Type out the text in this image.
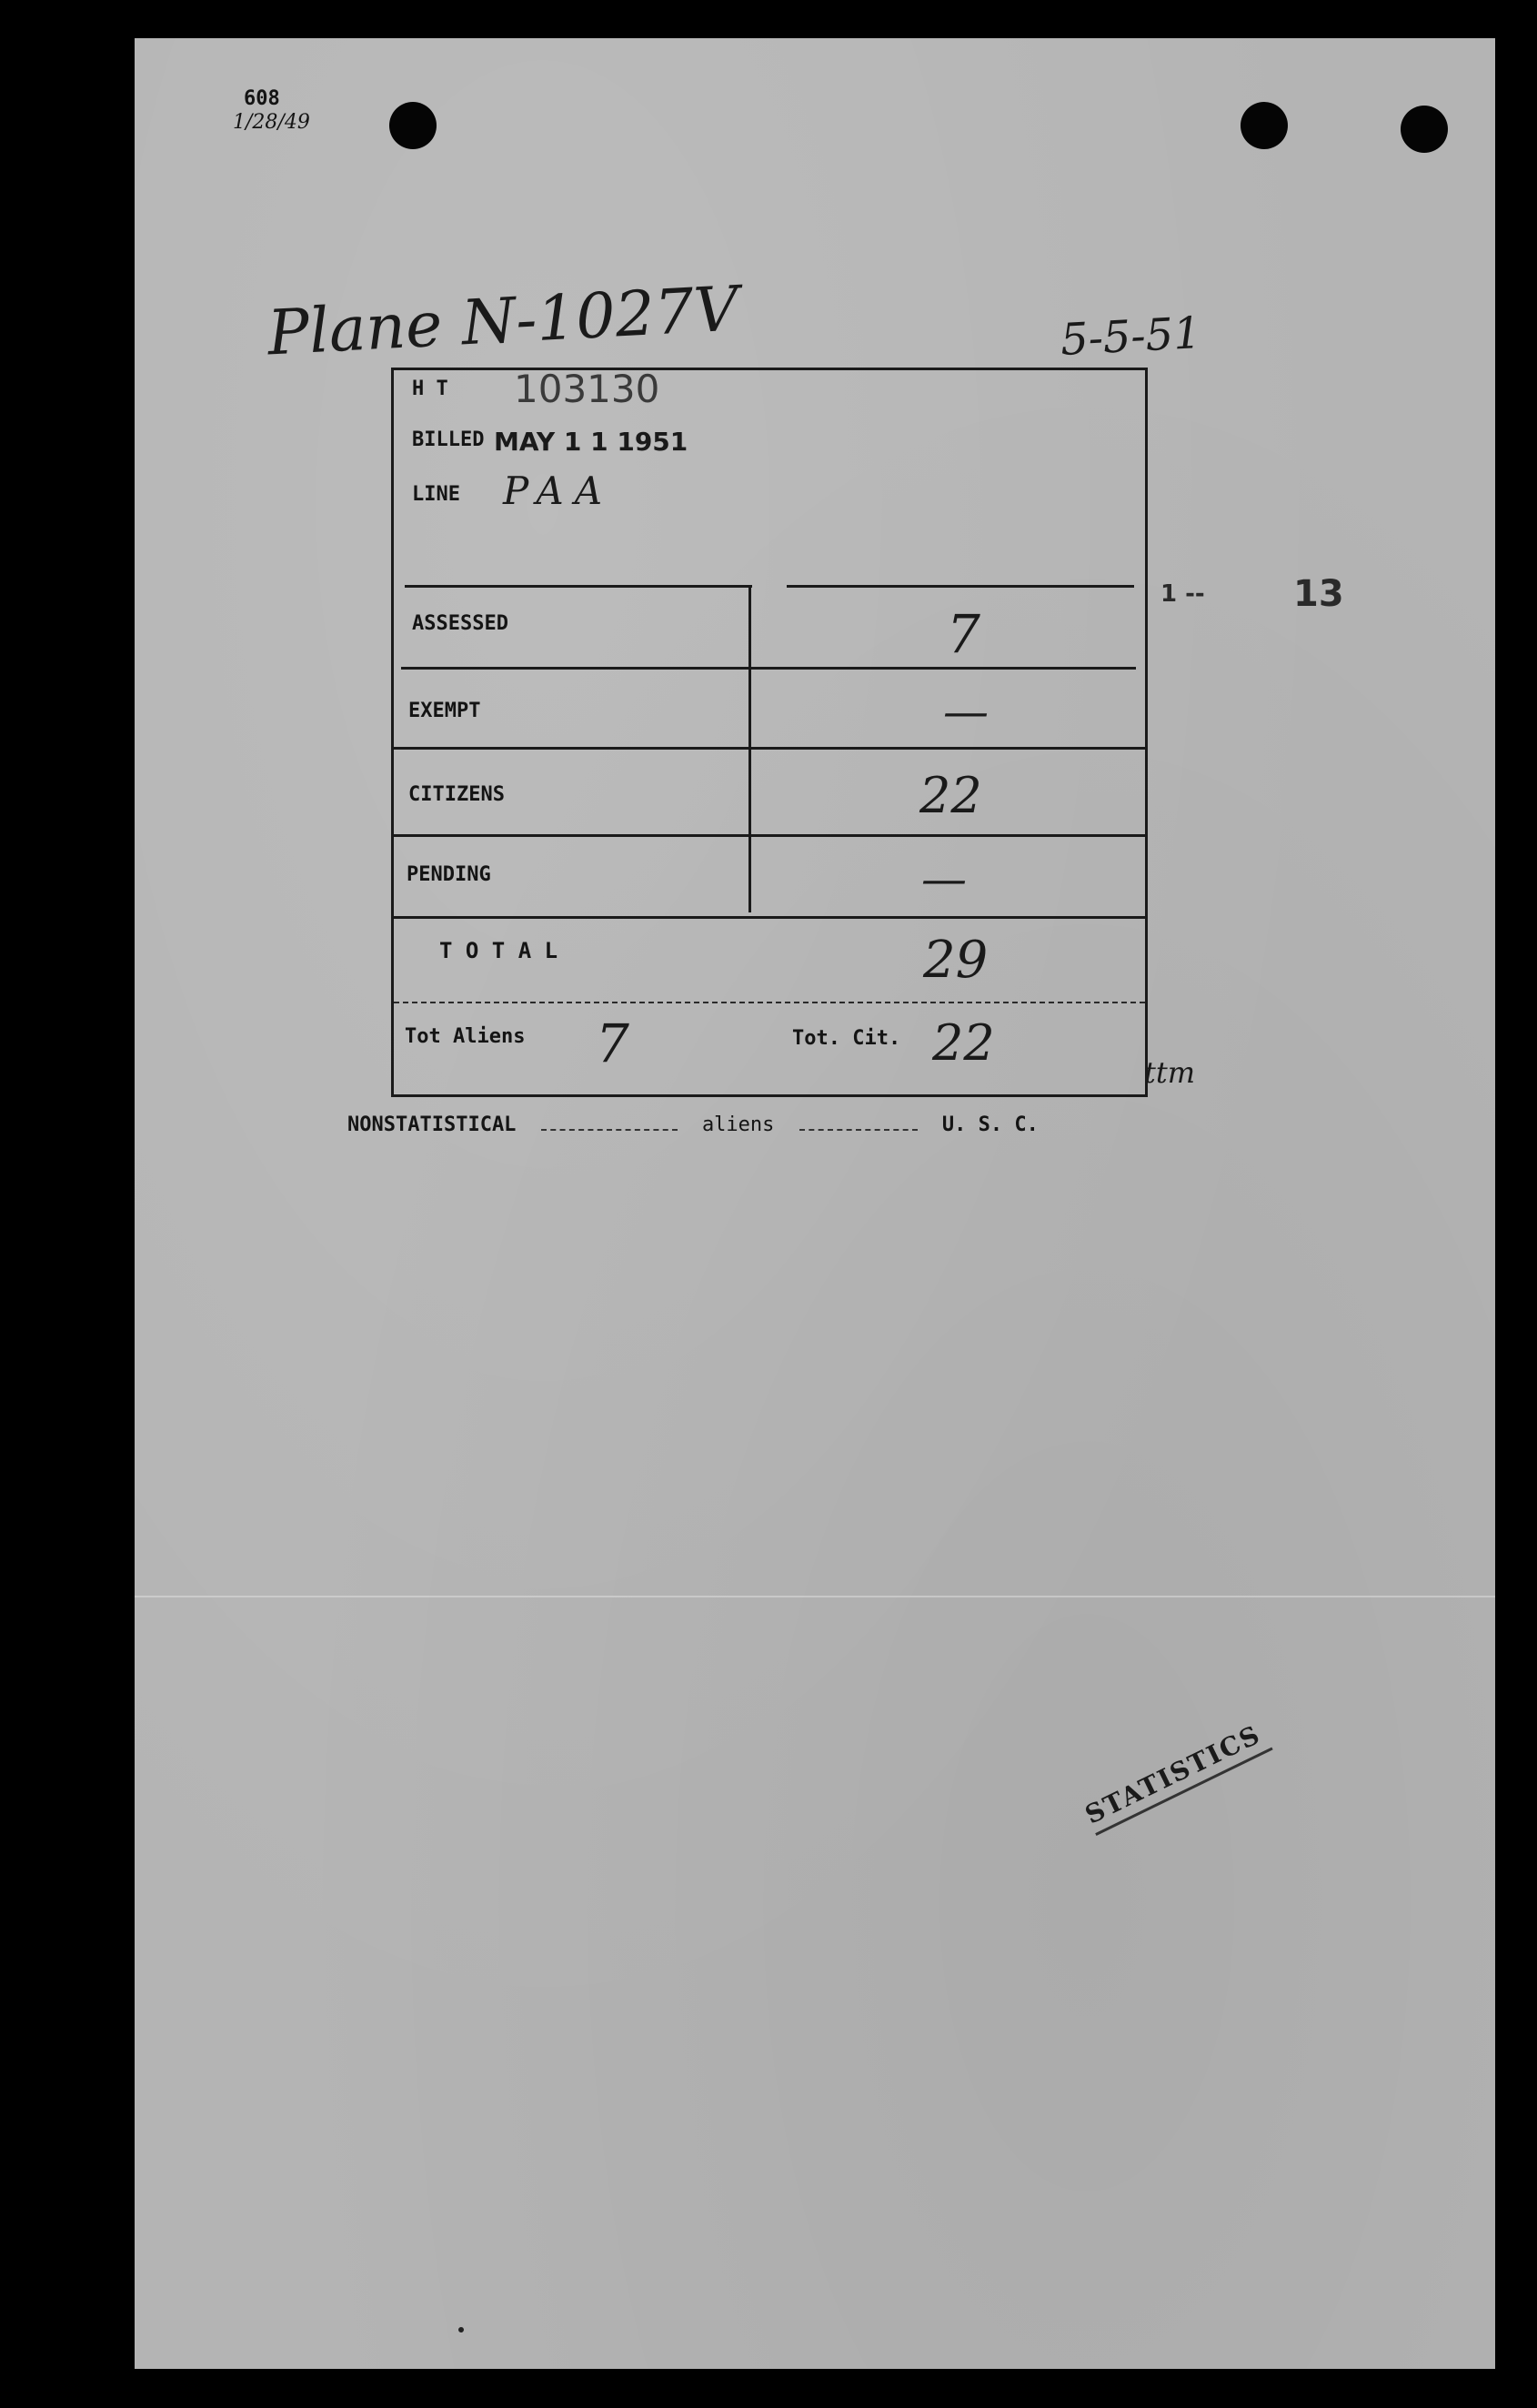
608
1/28/49
Plane N-1027V	5-5-51
1 -- 13
H T 103130
BILLED MAY 1 1 1951
LINE PAA
ASSESSED	7
EXEMPT	—
CITIZENS	22
PENDING	—
T O T A L	29
Tot Aliens 7	Tot. Cit. 22
ttm
NONSTATISTICAL	aliens	U. S. C.
STATISTICS
